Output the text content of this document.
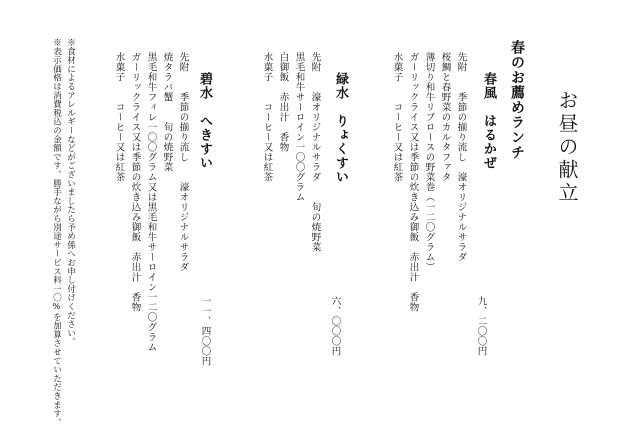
お昼の献立
春のお薦めランチ
春風　はるかぜ
先附　　季節の揃り流し　濠オリジナルサラダ
桜鯛と春野菜のカルタファタ
薄切り和牛リブロースの野菜巻（一二〇グラム）
ガーリックライス又は季節の炊き込み御飯　赤出汁　香物
水菓子　　コーヒー又は紅茶
九、二〇〇円
緑水　りょくすい
先附　　濠オリジナルサラダ　　旬の焼野菜
黒毛和牛サーロイン一〇〇グラム
白御飯　赤出汁　香物
水菓子　　コーヒー又は紅茶
六、〇〇〇円
碧水　へきすい
先附　　季節の揃り流し　　濠オリジナルサラダ
焼タラバ蟹　　旬の焼野菜
黒毛和牛フィレ一〇〇グラム又は黒毛和牛サーロイン一二〇グラム
ガーリックライス又は季節の炊き込み御飯　赤出汁　香物
水菓子　　コーヒー又は紅茶
一一、四〇〇円
※食材によるアレルギーなどがございましたら予め係へお申し付けください。
※表示価格は消費税込の金額です。勝手ながら別途サービス料一〇%を加算させていただきます。
